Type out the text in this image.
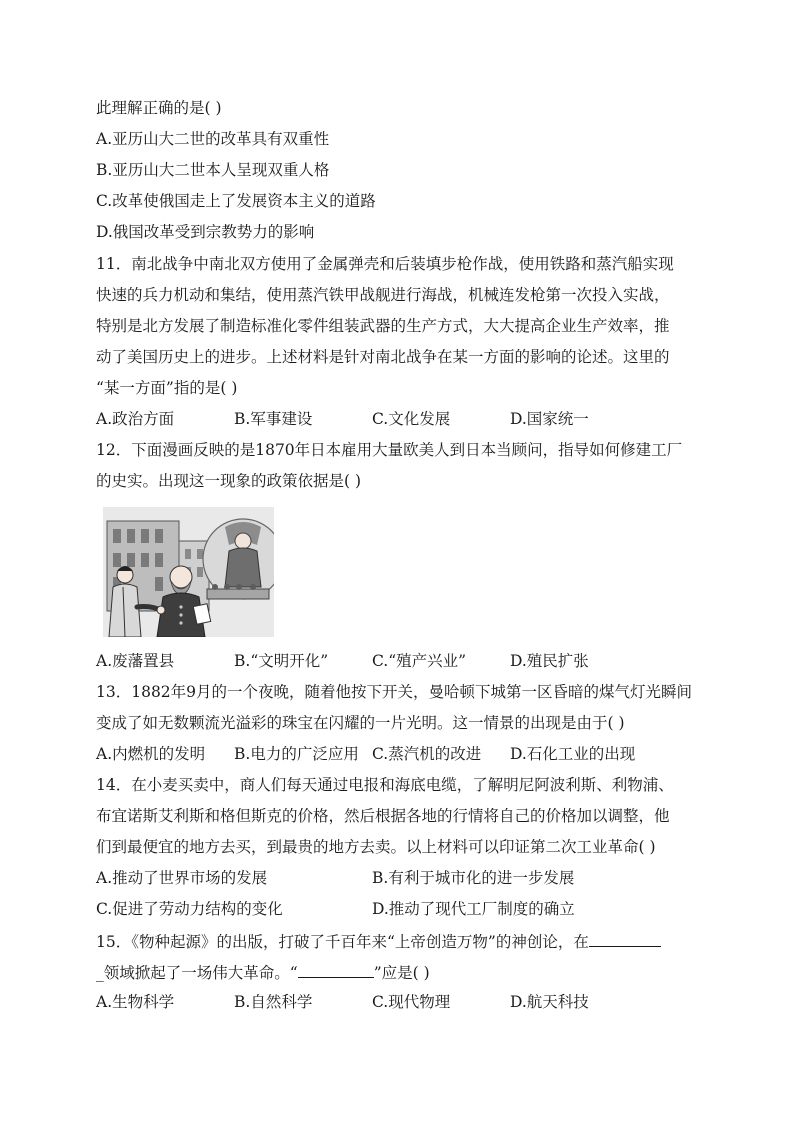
此理解正确的是( )
A.亚历山大二世的改革具有双重性
B.亚历山大二世本人呈现双重人格
C.改革使俄国走上了发展资本主义的道路
D.俄国改革受到宗教势力的影响
11．南北战争中南北双方使用了金属弹壳和后装填步枪作战，使用铁路和蒸汽船实现
快速的兵力机动和集结，使用蒸汽铁甲战舰进行海战，机械连发枪第一次投入实战，
特别是北方发展了制造标准化零件组装武器的生产方式，大大提高企业生产效率，推
动了美国历史上的进步。上述材料是针对南北战争在某一方面的影响的论述。这里的
“某一方面”指的是( )
A.政治方面	B.军事建设	C.文化发展	D.国家统一
12．下面漫画反映的是1870年日本雇用大量欧美人到日本当顾问，指导如何修建工厂
的史实。出现这一现象的政策依据是( )
A.废藩置县	B.“文明开化”	C.“殖产兴业”	D.殖民扩张
13．1882年9月的一个夜晚，随着他按下开关，曼哈顿下城第一区昏暗的煤气灯光瞬间
变成了如无数颗流光溢彩的珠宝在闪耀的一片光明。这一情景的出现是由于( )
A.内燃机的发明 B.电力的广泛应用 C.蒸汽机的改进 D.石化工业的出现
14．在小麦买卖中，商人们每天通过电报和海底电缆，了解明尼阿波利斯、利物浦、
布宜诺斯艾利斯和格但斯克的价格，然后根据各地的行情将自己的价格加以调整，他
们到最便宜的地方去买，到最贵的地方去卖。以上材料可以印证第二次工业革命( )
A.推动了世界市场的发展	B.有利于城市化的进一步发展
C.促进了劳动力结构的变化	D.推动了现代工厂制度的确立
15．《物种起源》的出版，打破了千百年来“上帝创造万物”的神创论，在
_领域掀起了一场伟大革命。“	”应是( )
A.生物科学	B.自然科学	C.现代物理	D.航天科技
